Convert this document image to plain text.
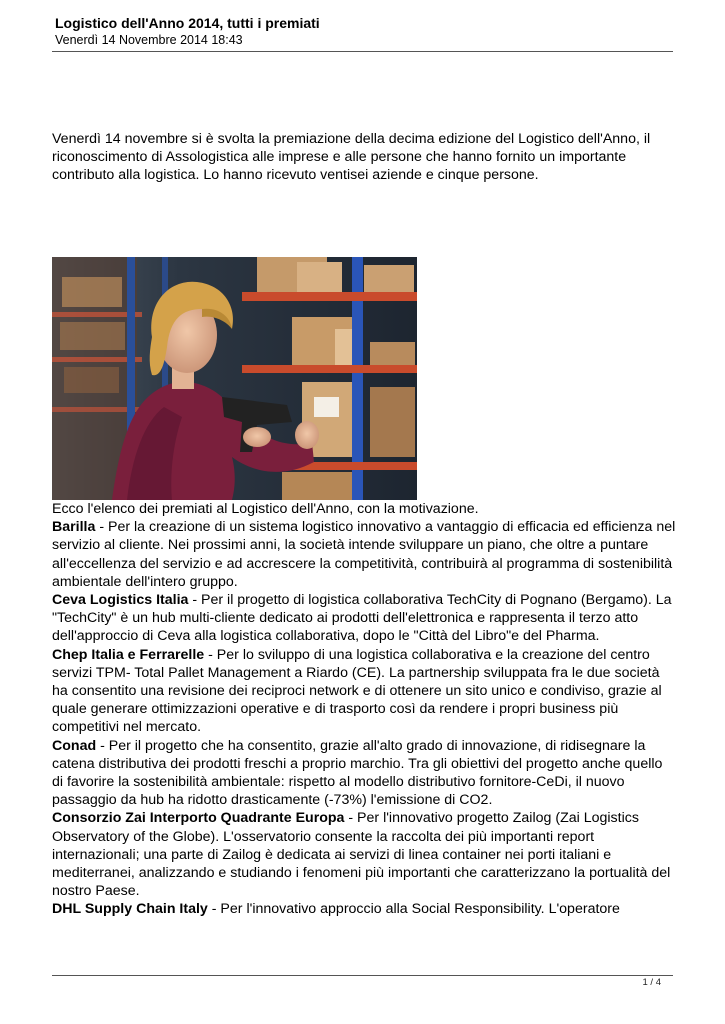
Logistico dell'Anno 2014, tutti i premiati
Venerdì 14 Novembre 2014 18:43

Venerdì 14 novembre si è svolta la premiazione della decima edizione del Logistico dell'Anno, il riconoscimento di Assologistica alle imprese e alle persone che hanno fornito un importante contributo alla logistica. Lo hanno ricevuto ventisei aziende e cinque persone.

Ecco l'elenco dei premiati al Logistico dell'Anno, con la motivazione.

Barilla - Per la creazione di un sistema logistico innovativo a vantaggio di efficacia ed efficienza nel servizio al cliente. Nei prossimi anni, la società intende sviluppare un piano, che oltre a puntare all'eccellenza del servizio e ad accrescere la competitività, contribuirà al programma di sostenibilità ambientale dell'intero gruppo.

Ceva Logistics Italia - Per il progetto di logistica collaborativa TechCity di Pognano (Bergamo). La "TechCity" è un hub multi-cliente dedicato ai prodotti dell'elettronica e rappresenta il terzo atto dell'approccio di Ceva alla logistica collaborativa, dopo le "Città del Libro"e del Pharma.

Chep Italia e Ferrarelle - Per lo sviluppo di una logistica collaborativa e la creazione del centro servizi TPM- Total Pallet Management a Riardo (CE). La partnership sviluppata fra le due società ha consentito una revisione dei reciproci network e di ottenere un sito unico e condiviso, grazie al quale generare ottimizzazioni operative e di trasporto così da rendere i propri business più competitivi nel mercato.

Conad - Per il progetto che ha consentito, grazie all'alto grado di innovazione, di ridisegnare la catena distributiva dei prodotti freschi a proprio marchio. Tra gli obiettivi del progetto anche quello di favorire la sostenibilità ambientale: rispetto al modello distributivo fornitore-CeDi, il nuovo passaggio da hub ha ridotto drasticamente (-73%) l'emissione di CO2.

Consorzio Zai Interporto Quadrante Europa - Per l'innovativo progetto Zailog (Zai Logistics Observatory of the Globe). L'osservatorio consente la raccolta dei più importanti report internazionali; una parte di Zailog è dedicata ai servizi di linea container nei porti italiani e mediterranei, analizzando e studiando i fenomeni più importanti che caratterizzano la portualità del nostro Paese.

DHL Supply Chain Italy - Per l'innovativo approccio alla Social Responsibility. L'operatore

1 / 4
